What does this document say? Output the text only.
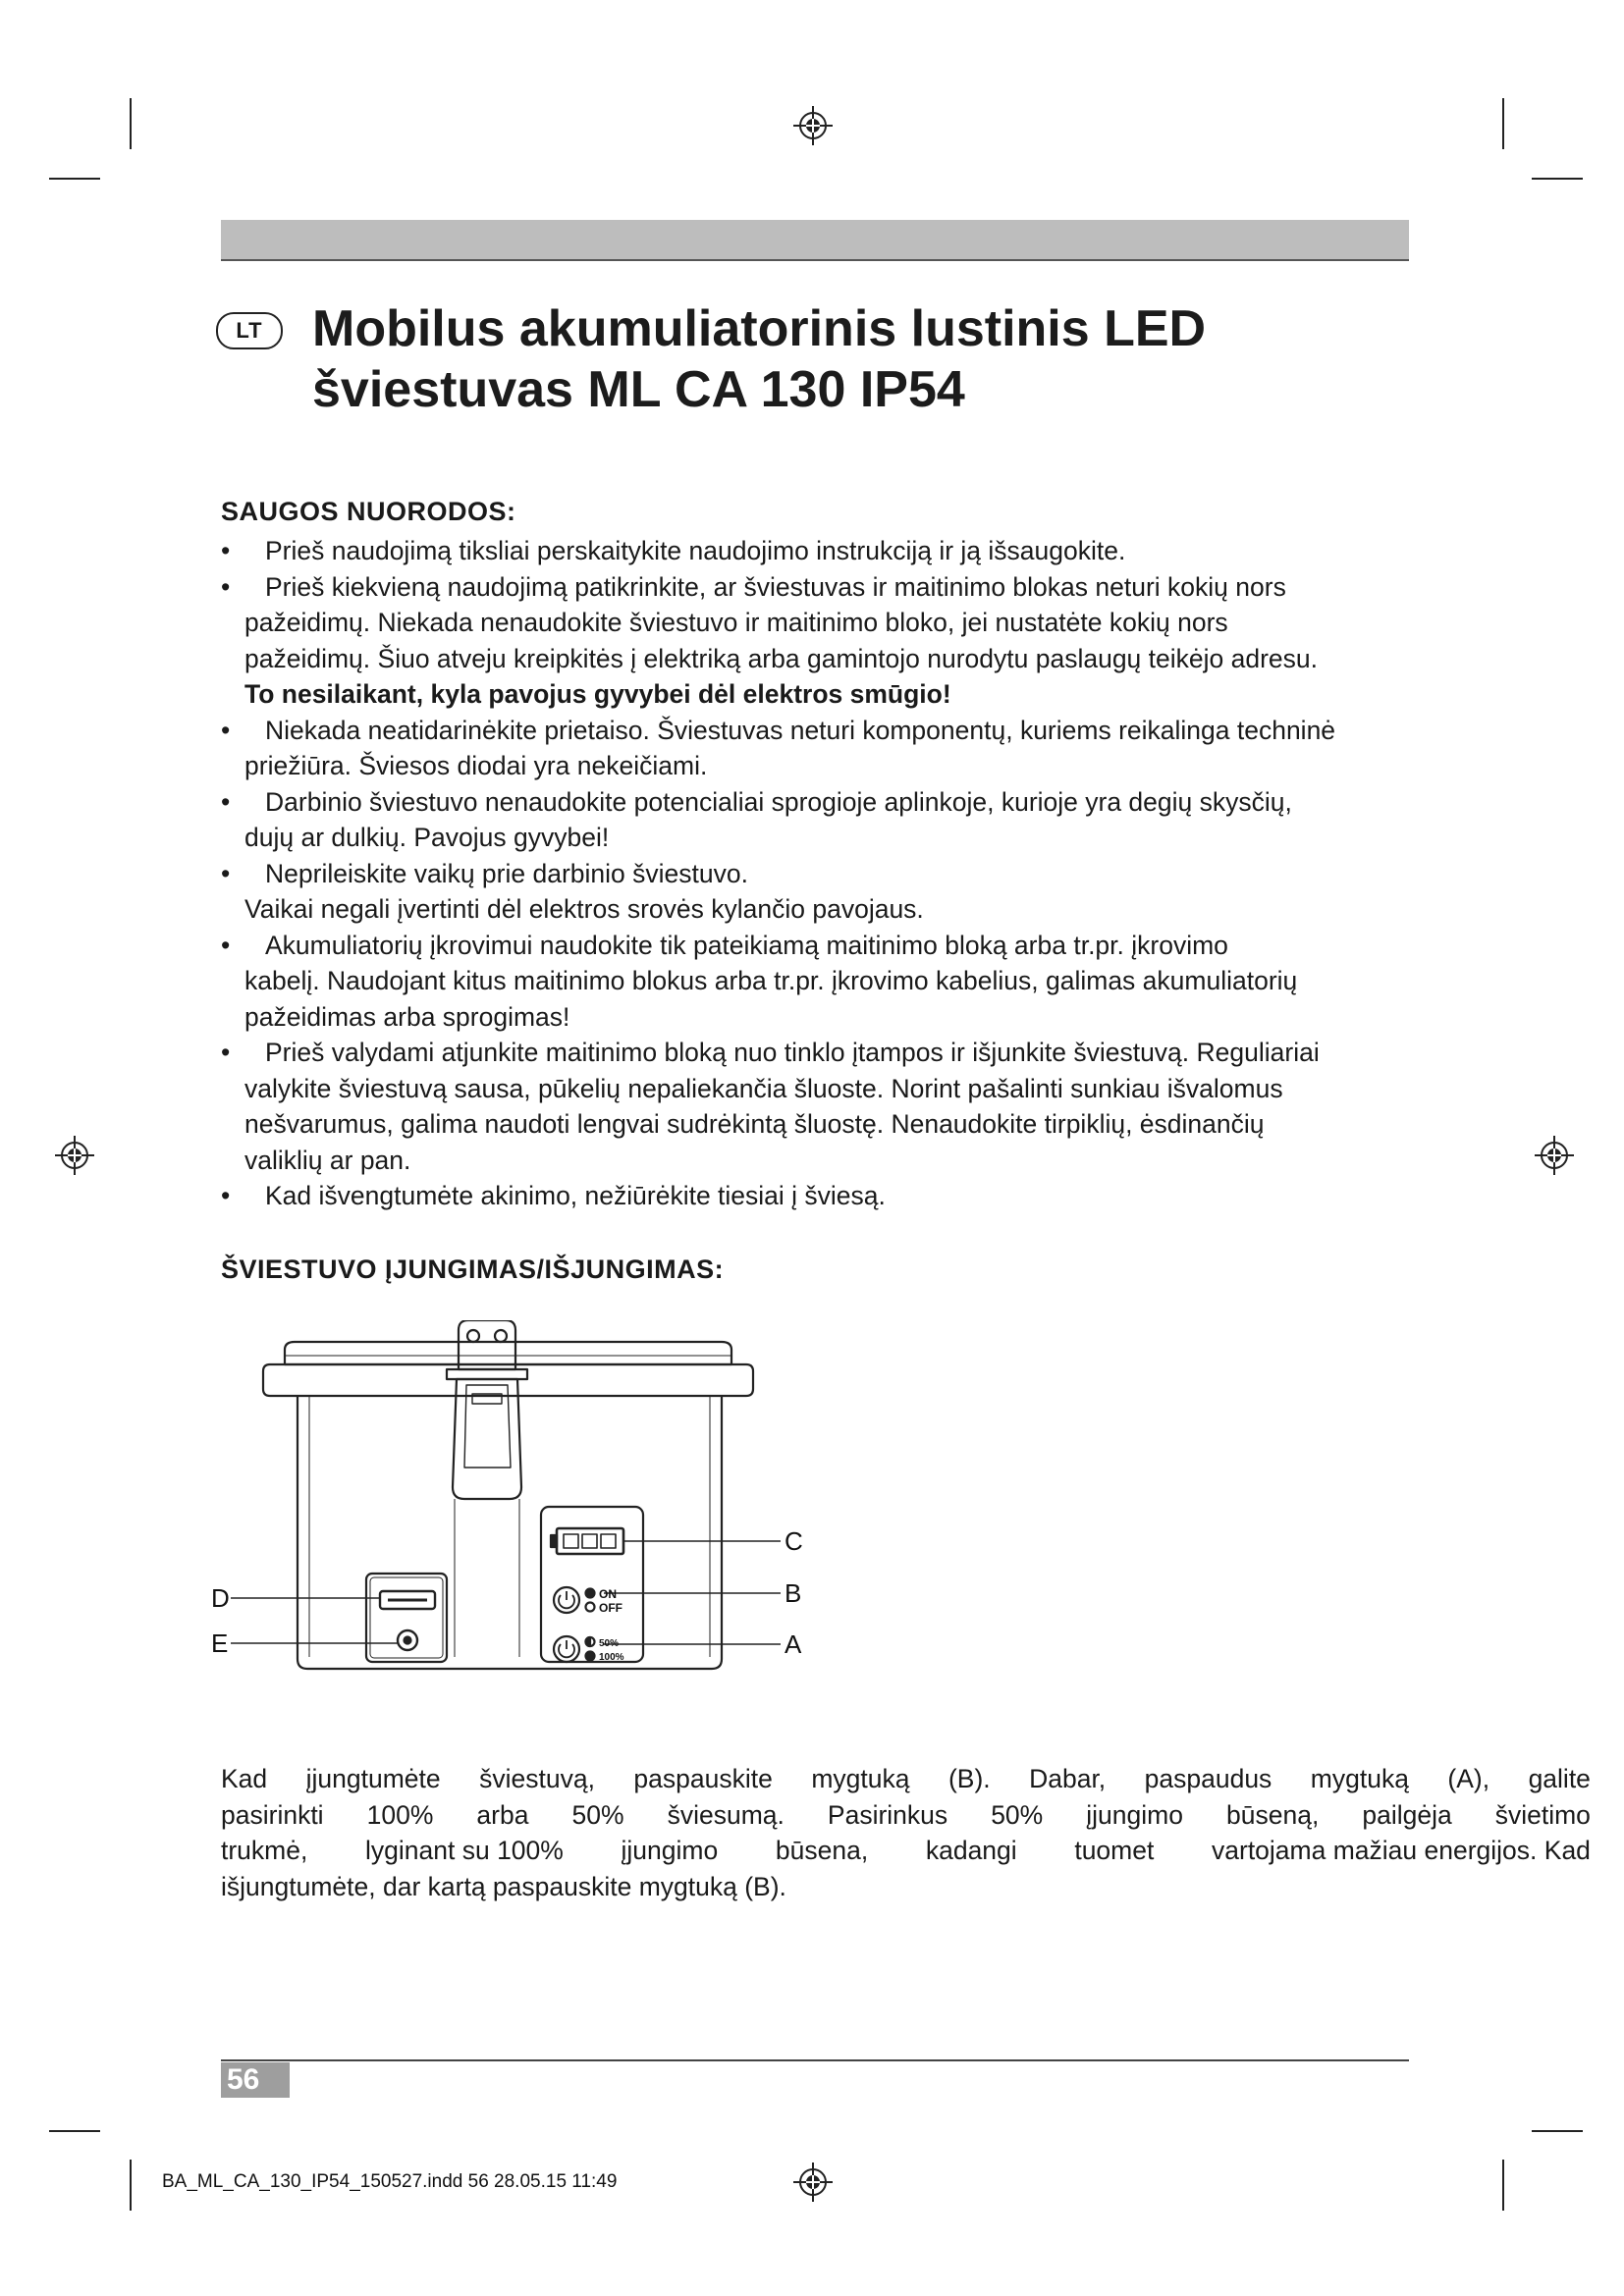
LT Mobilus akumuliatorinis lustinis LED
šviestuvas ML CA 130 IP54
SAUGOS NUORODOS:
•	Prieš naudojimą tiksliai perskaitykite naudojimo instrukciją ir ją išsaugokite.
•	Prieš kiekvieną naudojimą patikrinkite, ar šviestuvas ir maitinimo blokas neturi kokių nors
pažeidimų. Niekada nenaudokite šviestuvo ir maitinimo bloko, jei nustatėte kokių nors
pažeidimų. Šiuo atveju kreipkitės į elektriką arba gamintojo nurodytu paslaugų teikėjo adresu.
To nesilaikant, kyla pavojus gyvybei dėl elektros smūgio!
•	Niekada neatidarinėkite prietaiso. Šviestuvas neturi komponentų, kuriems reikalinga techninė
priežiūra. Šviesos diodai yra nekeičiami.
•	Darbinio šviestuvo nenaudokite potencialiai sprogioje aplinkoje, kurioje yra degių skysčių,
dujų ar dulkių. Pavojus gyvybei!
•	Neprileiskite vaikų prie darbinio šviestuvo.
Vaikai negali įvertinti dėl elektros srovės kylančio pavojaus.
•	Akumuliatorių įkrovimui naudokite tik pateikiamą maitinimo bloką arba tr.pr. įkrovimo
kabelį. Naudojant kitus maitinimo blokus arba tr.pr. įkrovimo kabelius, galimas akumuliatorių
pažeidimas arba sprogimas!
•	Prieš valydami atjunkite maitinimo bloką nuo tinklo įtampos ir išjunkite šviestuvą. Reguliariai
valykite šviestuvą sausa, pūkelių nepaliekančia šluoste. Norint pašalinti sunkiau išvalomus
nešvarumus, galima naudoti lengvai sudrėkintą šluostę. Nenaudokite tirpiklių, ėsdinančių
valiklių ar pan.
•	Kad išvengtumėte akinimo, nežiūrėkite tiesiai į šviesą.
ŠVIESTUVO ĮJUNGIMAS/IŠJUNGIMAS:
ON
OFF
50%
100%
C
B
A
D
E
Kad įjungtumėte šviestuvą, paspauskite mygtuką (B). Dabar, paspaudus mygtuką (A), galite
pasirinkti 100% arba 50% šviesumą. Pasirinkus 50% įjungimo būseną, pailgėja švietimo
trukmė, lyginant su 100% įjungimo būsena, kadangi tuomet vartojama mažiau energijos. Kad
išjungtumėte, dar kartą paspauskite mygtuką (B).
56
BA_ML_CA_130_IP54_150527.indd 56 28.05.15 11:49
